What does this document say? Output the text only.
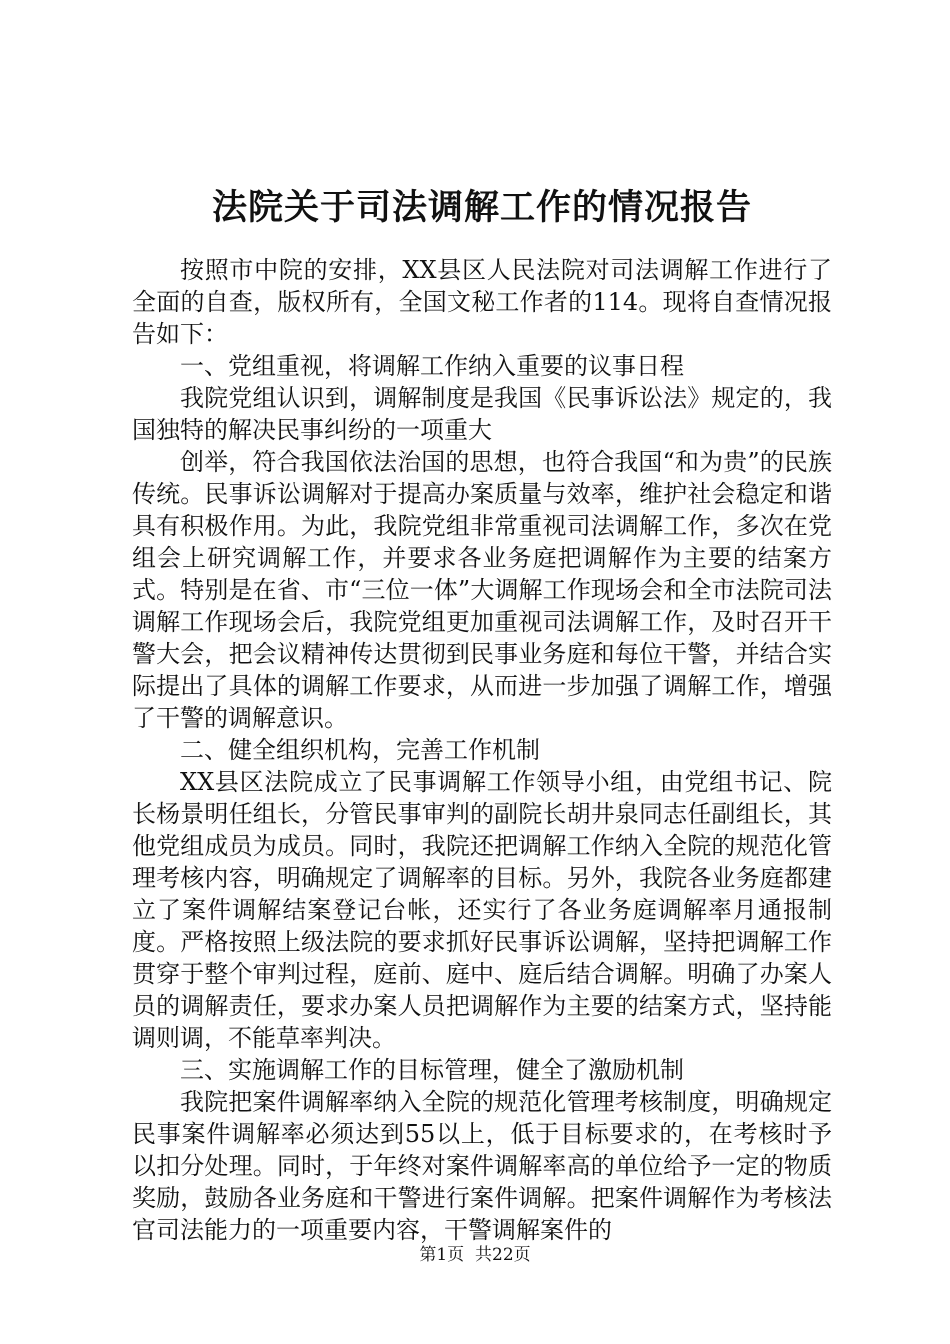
法院关于司法调解工作的情况报告

按照市中院的安排，XX县区人民法院对司法调解工作进行了全面的自查，版权所有，全国文秘工作者的114。现将自查情况报告如下：

一、党组重视，将调解工作纳入重要的议事日程

我院党组认识到，调解制度是我国《民事诉讼法》规定的，我国独特的解决民事纠纷的一项重大

创举，符合我国依法治国的思想，也符合我国“和为贵”的民族传统。民事诉讼调解对于提高办案质量与效率，维护社会稳定和谐具有积极作用。为此，我院党组非常重视司法调解工作，多次在党组会上研究调解工作，并要求各业务庭把调解作为主要的结案方式。特别是在省、市“三位一体”大调解工作现场会和全市法院司法调解工作现场会后，我院党组更加重视司法调解工作，及时召开干警大会，把会议精神传达贯彻到民事业务庭和每位干警，并结合实际提出了具体的调解工作要求，从而进一步加强了调解工作，增强了干警的调解意识。

二、健全组织机构，完善工作机制

XX县区法院成立了民事调解工作领导小组，由党组书记、院长杨景明任组长，分管民事审判的副院长胡井泉同志任副组长，其他党组成员为成员。同时，我院还把调解工作纳入全院的规范化管理考核内容，明确规定了调解率的目标。另外，我院各业务庭都建立了案件调解结案登记台帐，还实行了各业务庭调解率月通报制度。严格按照上级法院的要求抓好民事诉讼调解，坚持把调解工作贯穿于整个审判过程，庭前、庭中、庭后结合调解。明确了办案人员的调解责任，要求办案人员把调解作为主要的结案方式，坚持能调则调，不能草率判决。

三、实施调解工作的目标管理，健全了激励机制

我院把案件调解率纳入全院的规范化管理考核制度，明确规定民事案件调解率必须达到55以上，低于目标要求的，在考核时予以扣分处理。同时，于年终对案件调解率高的单位给予一定的物质奖励，鼓励各业务庭和干警进行案件调解。把案件调解作为考核法官司法能力的一项重要内容，干警调解案件的

第1页 共22页
